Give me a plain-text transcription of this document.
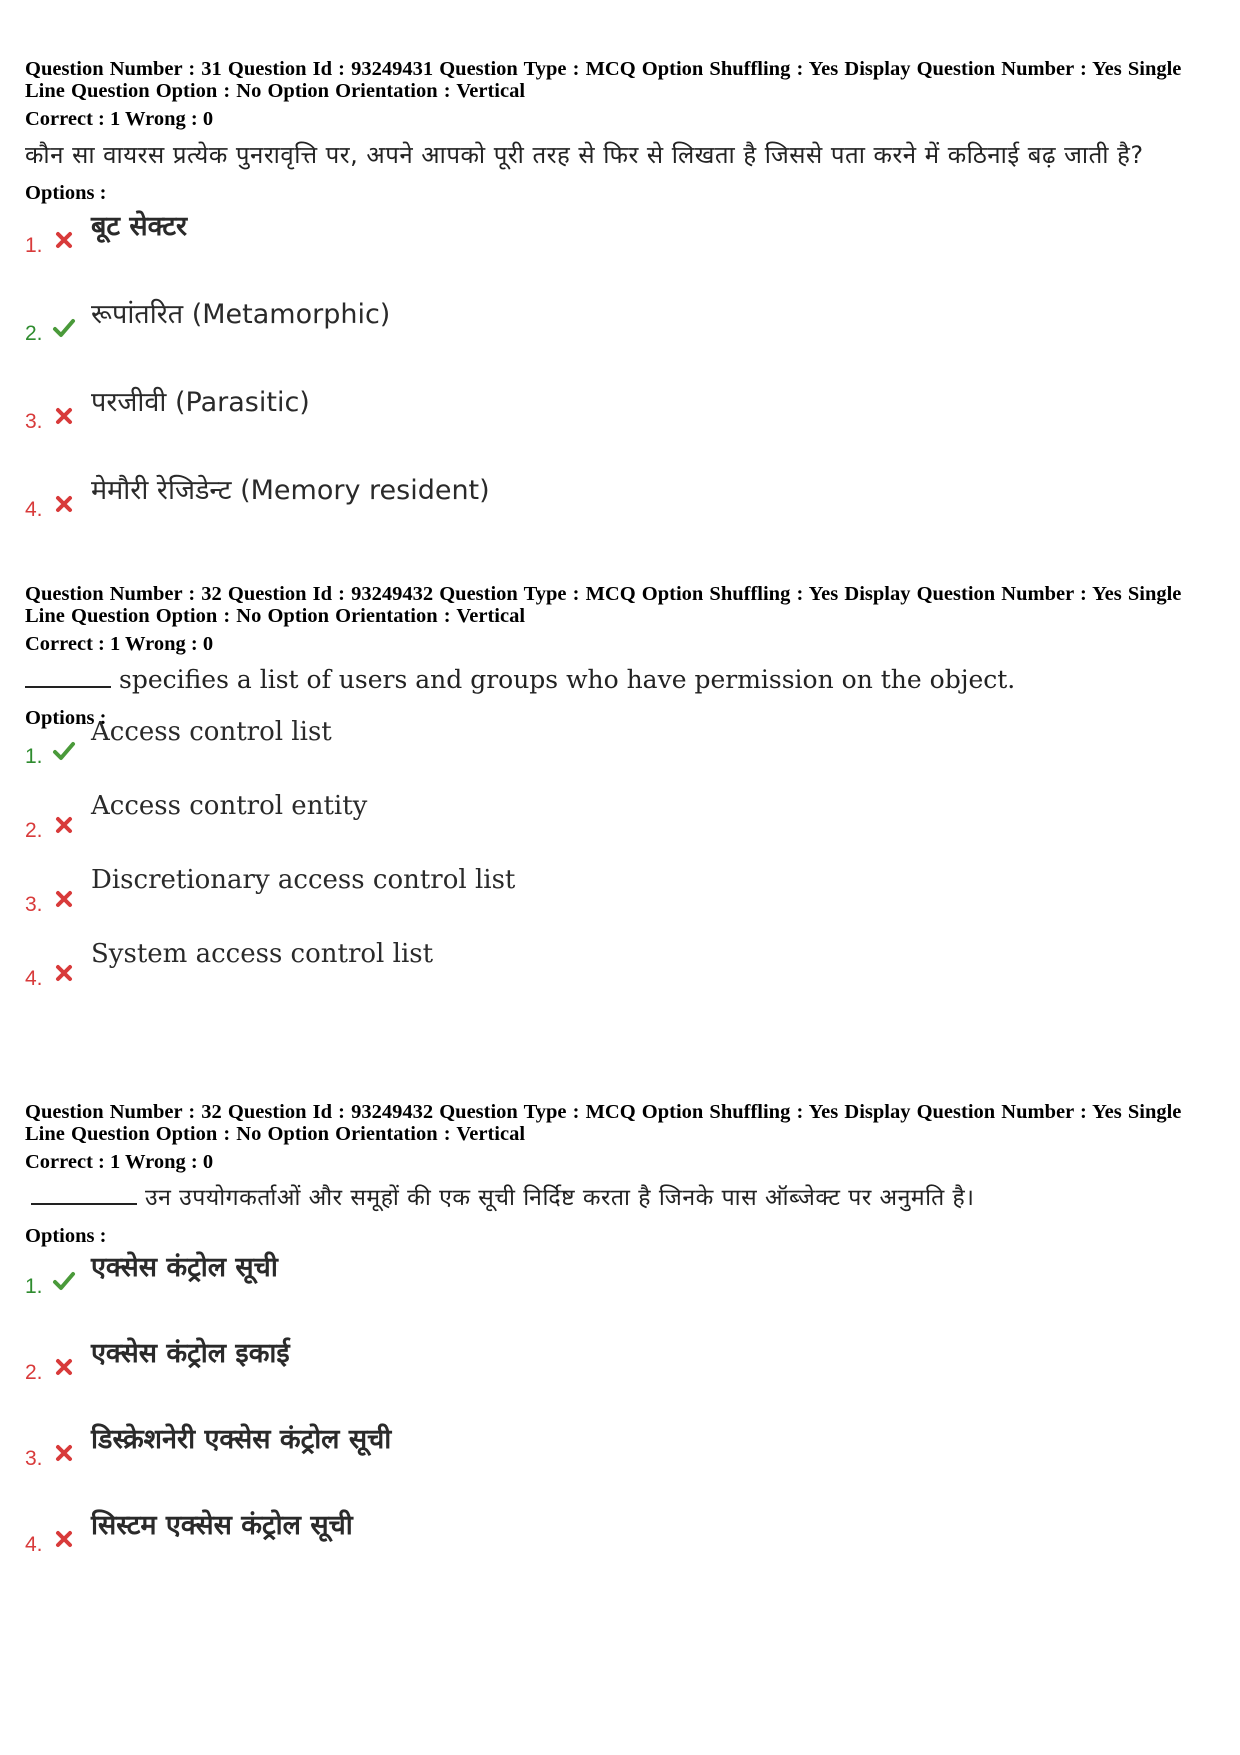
Question Number : 31 Question Id : 93249431 Question Type : MCQ Option Shuffling : Yes Display Question Number : Yes Single Line Question Option : No Option Orientation : Vertical
Correct : 1 Wrong : 0
कौन सा वायरस प्रत्येक पुनरावृत्ति पर, अपने आपको पूरी तरह से फिर से लिखता है जिससे पता करने में कठिनाई बढ़ जाती है?
Options :
1.
बूट सेक्टर
2.
रूपांतरित (Metamorphic)
3.
परजीवी (Parasitic)
4.
मेमौरी रेजिडेन्ट (Memory resident)
Question Number : 32 Question Id : 93249432 Question Type : MCQ Option Shuffling : Yes Display Question Number : Yes Single Line Question Option : No Option Orientation : Vertical
Correct : 1 Wrong : 0
specifies a list of users and groups who have permission on the object.
Options :
1.
Access control list
2.
Access control entity
3.
Discretionary access control list
4.
System access control list
Question Number : 32 Question Id : 93249432 Question Type : MCQ Option Shuffling : Yes Display Question Number : Yes Single Line Question Option : No Option Orientation : Vertical
Correct : 1 Wrong : 0
उन उपयोगकर्ताओं और समूहों की एक सूची निर्दिष्ट करता है जिनके पास ऑब्जेक्ट पर अनुमति है।
Options :
1.
एक्सेस कंट्रोल सूची
2.
एक्सेस कंट्रोल इकाई
3.
डिस्क्रेशनेरी एक्सेस कंट्रोल सूची
4.
सिस्टम एक्सेस कंट्रोल सूची
